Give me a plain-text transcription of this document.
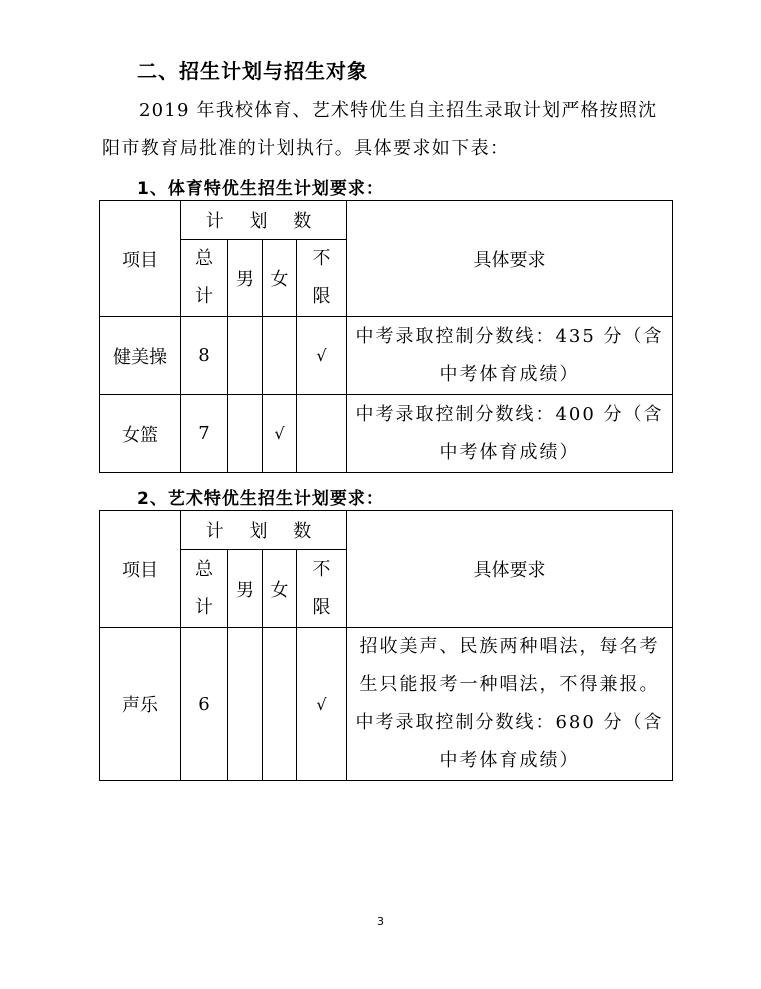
二、招生计划与招生对象
2019 年我校体育、艺术特优生自主招生录取计划严格按照沈
阳市教育局批准的计划执行。具体要求如下表：
1、体育特优生招生计划要求：
项目	计 划 数				具体要求
	总计	男	女	不限	
健美操	8			√	中考录取控制分数线：435 分（含
中考体育成绩）

女篮	7		√		中考录取控制分数线：400 分（含
中考体育成绩）
2、艺术特优生招生计划要求：
项目	计 划 数				具体要求
	总计	男	女	不限	
声乐	6			√	招收美声、民族两种唱法，每名考
生只能报考一种唱法，不得兼报。
中考录取控制分数线：680 分（含
中考体育成绩）
3
